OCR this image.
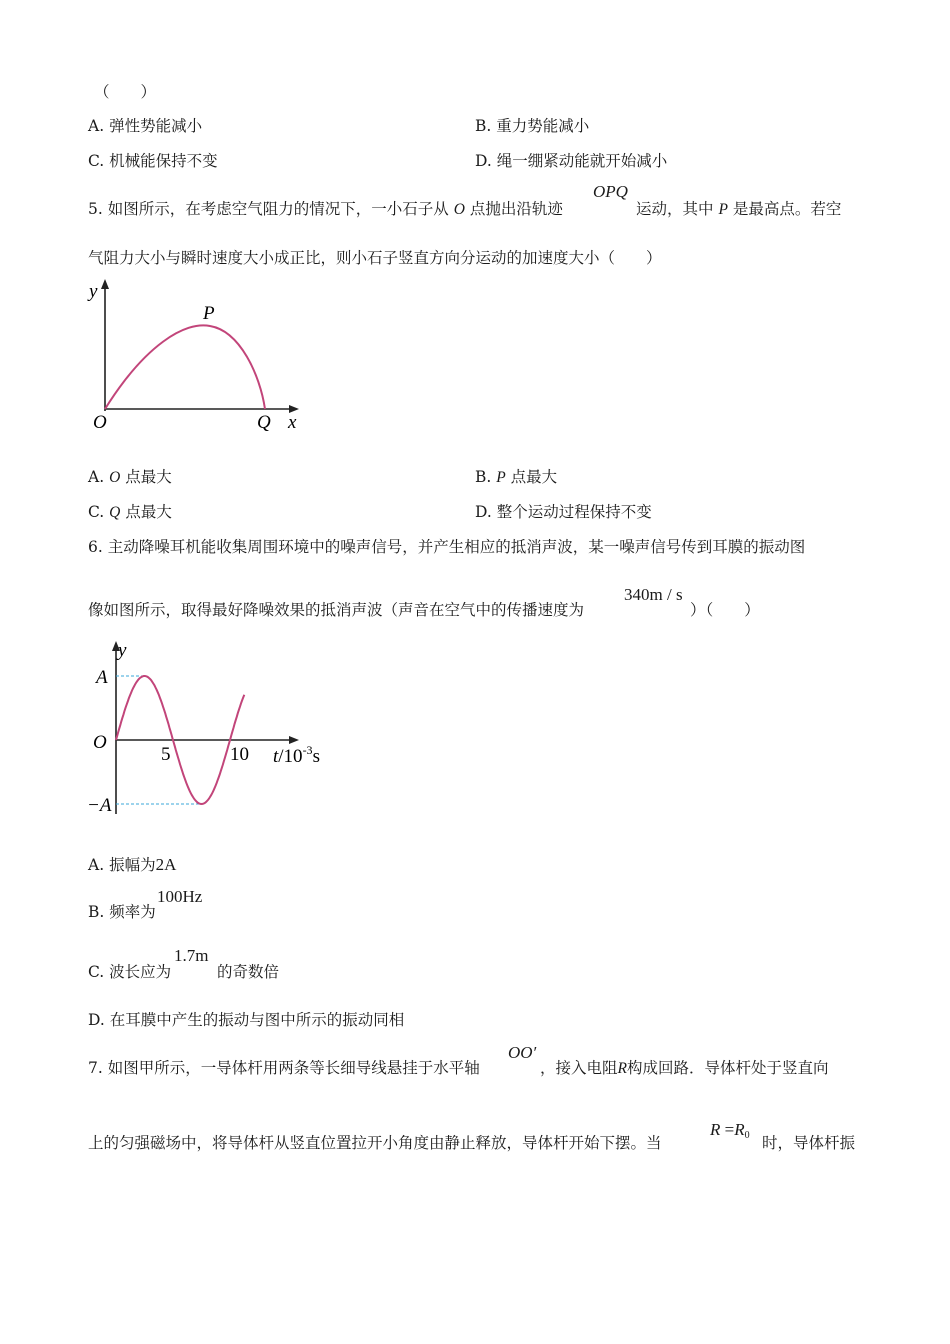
（　　）
A. 弹性势能减小	B. 重力势能减小
C. 机械能保持不变	D. 绳一绷紧动能就开始减小
5. 如图所示，在考虑空气阻力的情况下，一小石子从 O 点抛出沿轨迹
OPQ
运动，其中 P 是最高点。若空
气阻力大小与瞬时速度大小成正比，则小石子竖直方向分运动的加速度大小（　　）
y
P
O	Q x
A. O 点最大	B. P 点最大
C. Q 点最大	D. 整个运动过程保持不变
6. 主动降噪耳机能收集周围环境中的噪声信号，并产生相应的抵消声波，某一噪声信号传到耳膜的振动图
像如图所示，取得最好降噪效果的抵消声波（声音在空气中的传播速度为
340m / s
）（　　）
y
A
O
−A
5	10 $t/10^{-3}s$
A. 振幅为2A
B. 频率为
100Hz
C. 波长应为
1.7m
的奇数倍
D. 在耳膜中产生的振动与图中所示的振动同相
7. 如图甲所示，一导体杆用两条等长细导线悬挂于水平轴
OO′
，接入电阻R构成回路．导体杆处于竖直向
上的匀强磁场中，将导体杆从竖直位置拉开小角度由静止释放，导体杆开始下摆。当
R =R0 时，导体杆振
